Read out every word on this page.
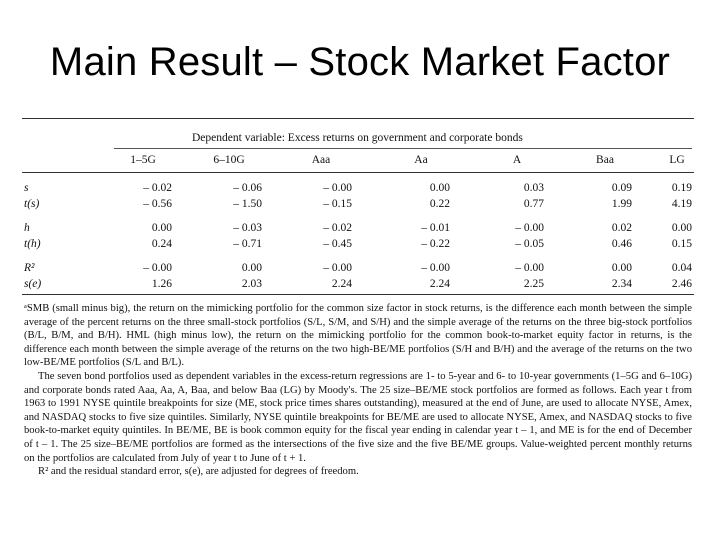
Main Result – Stock Market Factor
Dependent variable: Excess returns on government and corporate bonds
1–5G	6–10G	Aaa	Aa	A	Baa	LG
s	– 0.02	– 0.06	– 0.00	0.00	0.03	0.09	0.19
t(s)	– 0.56	– 1.50	– 0.15	0.22	0.77	1.99	4.19
h	0.00	– 0.03	– 0.02	– 0.01	– 0.00	0.02	0.00
t(h)	0.24	– 0.71	– 0.45	– 0.22	– 0.05	0.46	0.15
R²	– 0.00	0.00	– 0.00	– 0.00	– 0.00	0.00	0.04
s(e)	1.26	2.03	2.24	2.24	2.25	2.34	2.46

ᵃSMB (small minus big), the return on the mimicking portfolio for the common size factor in stock returns, is the difference each month between the simple average of the percent returns on the three small-stock portfolios (S/L, S/M, and S/H) and the simple average of the returns on the three big-stock portfolios (B/L, B/M, and B/H). HML (high minus low), the return on the mimicking portfolio for the common book-to-market equity factor in returns, is the difference each month between the simple average of the returns on the two high-BE/ME portfolios (S/H and B/H) and the average of the returns on the two low-BE/ME portfolios (S/L and B/L).

The seven bond portfolios used as dependent variables in the excess-return regressions are 1- to 5-year and 6- to 10-year governments (1–5G and 6–10G) and corporate bonds rated Aaa, Aa, A, Baa, and below Baa (LG) by Moody's. The 25 size–BE/ME stock portfolios are formed as follows. Each year t from 1963 to 1991 NYSE quintile breakpoints for size (ME, stock price times shares outstanding), measured at the end of June, are used to allocate NYSE, Amex, and NASDAQ stocks to five size quintiles. Similarly, NYSE quintile breakpoints for BE/ME are used to allocate NYSE, Amex, and NASDAQ stocks to five book-to-market equity quintiles. In BE/ME, BE is book common equity for the fiscal year ending in calendar year t – 1, and ME is for the end of December of t – 1. The 25 size–BE/ME portfolios are formed as the intersections of the five size and the five BE/ME groups. Value-weighted percent monthly returns on the portfolios are calculated from July of year t to June of t + 1.

R² and the residual standard error, s(e), are adjusted for degrees of freedom.
